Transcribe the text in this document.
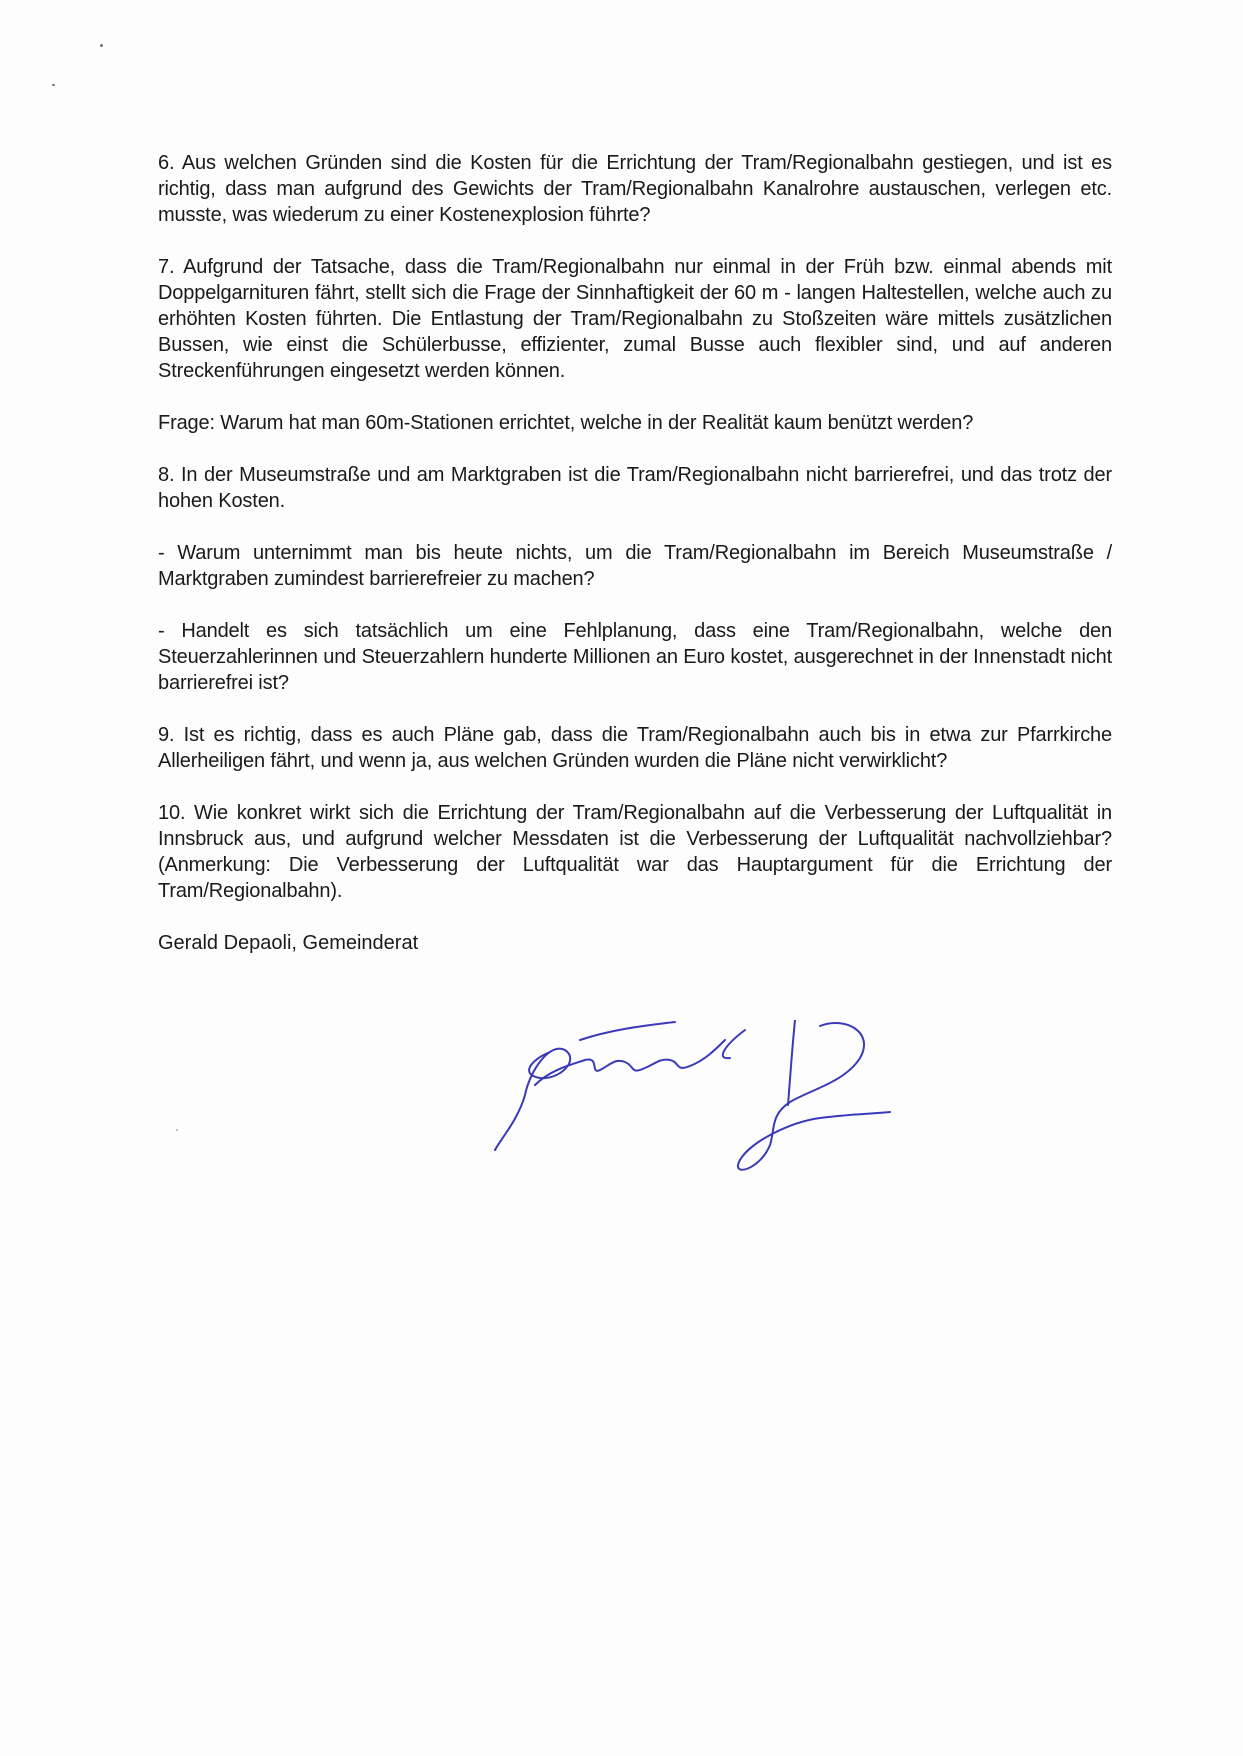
6. Aus welchen Gründen sind die Kosten für die Errichtung der Tram/Regionalbahn gestiegen, und ist es richtig, dass man aufgrund des Gewichts der Tram/Regionalbahn Kanalrohre austauschen, verlegen etc. musste, was wiederum zu einer Kostenexplosion führte?

7. Aufgrund der Tatsache, dass die Tram/Regionalbahn nur einmal in der Früh bzw. einmal abends mit Doppelgarnituren fährt, stellt sich die Frage der Sinnhaftigkeit der 60 m - langen Haltestellen, welche auch zu erhöhten Kosten führten. Die Entlastung der Tram/Regionalbahn zu Stoßzeiten wäre mittels zusätzlichen Bussen, wie einst die Schülerbusse, effizienter, zumal Busse auch flexibler sind, und auf anderen Streckenführungen eingesetzt werden können.

Frage: Warum hat man 60m-Stationen errichtet, welche in der Realität kaum benützt werden?

8. In der Museumstraße und am Marktgraben ist die Tram/Regionalbahn nicht barrierefrei, und das trotz der hohen Kosten.

- Warum unternimmt man bis heute nichts, um die Tram/Regionalbahn im Bereich Museumstraße / Marktgraben zumindest barrierefreier zu machen?

- Handelt es sich tatsächlich um eine Fehlplanung, dass eine Tram/Regionalbahn, welche den Steuerzahlerinnen und Steuerzahlern hunderte Millionen an Euro kostet, ausgerechnet in der Innenstadt nicht barrierefrei ist?

9. Ist es richtig, dass es auch Pläne gab, dass die Tram/Regionalbahn auch bis in etwa zur Pfarrkirche Allerheiligen fährt, und wenn ja, aus welchen Gründen wurden die Pläne nicht verwirklicht?

10. Wie konkret wirkt sich die Errichtung der Tram/Regionalbahn auf die Verbesserung der Luftqualität in Innsbruck aus, und aufgrund welcher Messdaten ist die Verbesserung der Luftqualität nachvollziehbar? (Anmerkung: Die Verbesserung der Luftqualität war das Hauptargument für die Errichtung der Tram/Regionalbahn).

Gerald Depaoli, Gemeinderat
